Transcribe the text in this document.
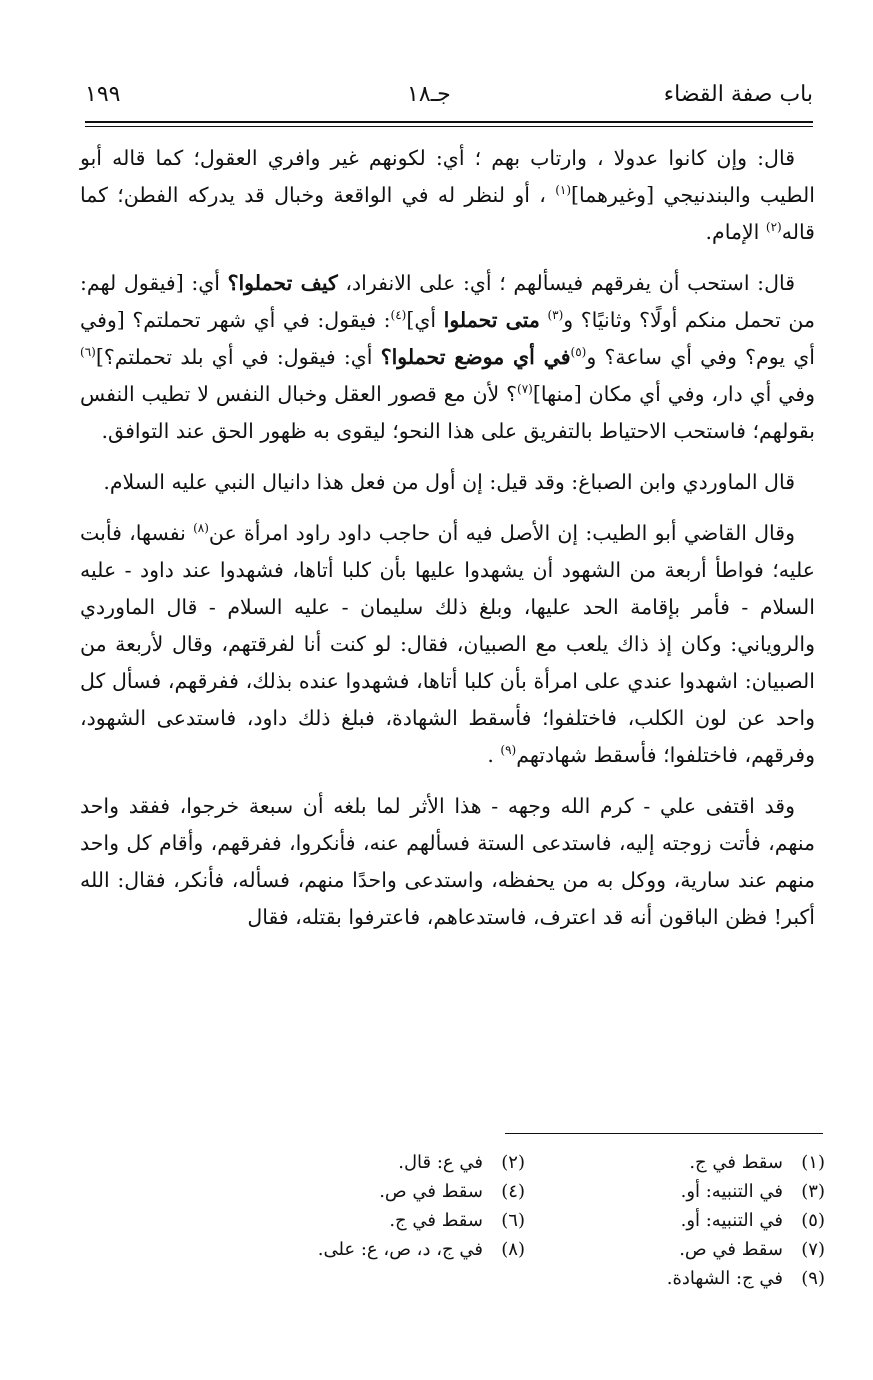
باب صفة القضاء
جـ١٨
١٩٩

قال: وإن كانوا عدولا ، وارتاب بهم ؛ أي: لكونهم غير وافري العقول؛ كما قاله أبو الطيب والبندنيجي [وغيرهما]$^{(١)}$ ، أو لنظر له في الواقعة وخبال قد يدركه الفطن؛ كما قاله$^{(٢)}$ الإمام.

قال: استحب أن يفرقهم فيسألهم ؛ أي: على الانفراد، كيف تحملوا؟ أي: [فيقول لهم: من تحمل منكم أولًا؟ وثانيًا؟ و$^{(٣)}$ متى تحملوا أي]$^{(٤)}$: فيقول: في أي شهر تحملتم؟ [وفي أي يوم؟ وفي أي ساعة؟ و$^{(٥)}$في أي موضع تحملوا؟ أي: فيقول: في أي بلد تحملتم؟]$^{(٦)}$ وفي أي دار، وفي أي مكان [منها]$^{(٧)}$؟ لأن مع قصور العقل وخبال النفس لا تطيب النفس بقولهم؛ فاستحب الاحتياط بالتفريق على هذا النحو؛ ليقوى به ظهور الحق عند التوافق.

قال الماوردي وابن الصباغ: وقد قيل: إن أول من فعل هذا دانيال النبي عليه السلام.

وقال القاضي أبو الطيب: إن الأصل فيه أن حاجب داود راود امرأة عن$^{(٨)}$ نفسها، فأبت عليه؛ فواطأ أربعة من الشهود أن يشهدوا عليها بأن كلبا أتاها، فشهدوا عند داود - عليه السلام - فأمر بإقامة الحد عليها، وبلغ ذلك سليمان - عليه السلام - قال الماوردي والروياني: وكان إذ ذاك يلعب مع الصبيان، فقال: لو كنت أنا لفرقتهم، وقال لأربعة من الصبيان: اشهدوا عندي على امرأة بأن كلبا أتاها، فشهدوا عنده بذلك، ففرقهم، فسأل كل واحد عن لون الكلب، فاختلفوا؛ فأسقط الشهادة، فبلغ ذلك داود، فاستدعى الشهود، وفرقهم، فاختلفوا؛ فأسقط شهادتهم$^{(٩)}$ .

وقد اقتفى علي - كرم الله وجهه - هذا الأثر لما بلغه أن سبعة خرجوا، ففقد واحد منهم، فأتت زوجته إليه، فاستدعى الستة فسألهم عنه، فأنكروا، ففرقهم، وأقام كل واحد منهم عند سارية، ووكل به من يحفظه، واستدعى واحدًا منهم، فسأله، فأنكر، فقال: الله أكبر! فظن الباقون أنه قد اعترف، فاستدعاهم، فاعترفوا بقتله، فقال

(١)سقط في ج.
(٣)في التنبيه: أو.
(٥)في التنبيه: أو.
(٧)سقط في ص.
(٩)في ج: الشهادة.
(٢)في ع: قال.
(٤)سقط في ص.
(٦)سقط في ج.
(٨)في ج، د، ص، ع: على.
